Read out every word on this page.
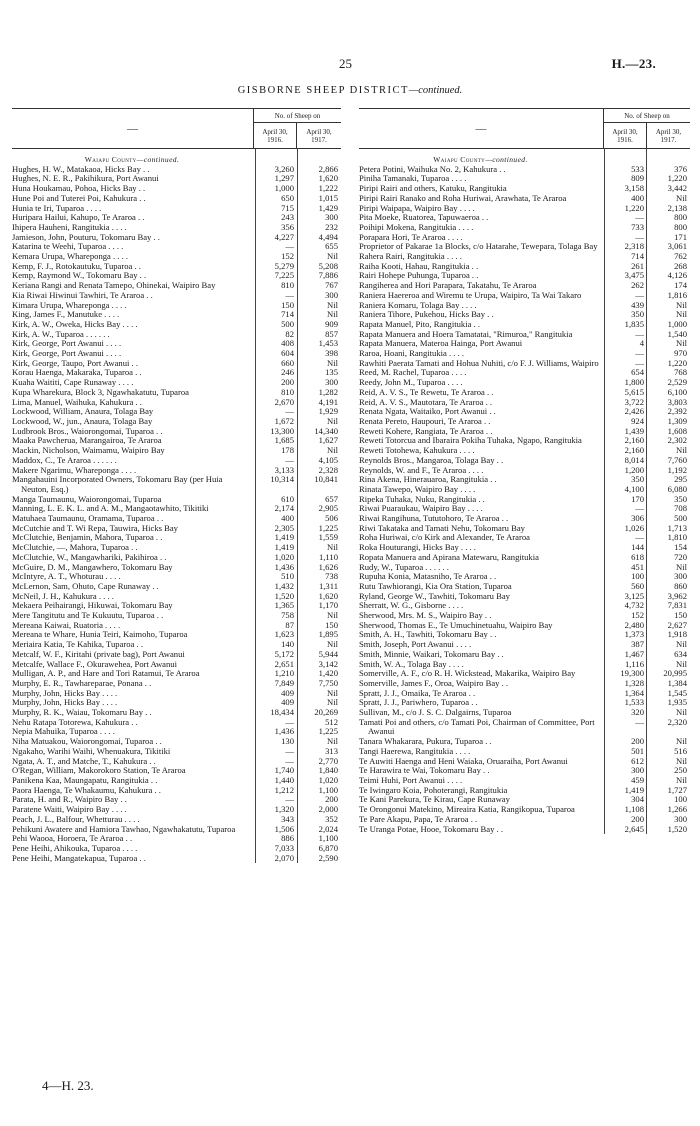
25	H.—23.
GISBORNE SHEEP DISTRICT—continued.
—
No. of Sheep on
April 30,
1916.
April 30,
1917.
Waiapu County—continued.
Hughes, H. W., Matakaoa, Hicks Bay . .	3,260	2,866
Hughes, N. E. R., Pakihikura, Port Awanui	1,297	1,620
Huna Houkamau, Pohoa, Hicks Bay . .	1,000	1,222
Hune Poi and Tuterei Poi, Kahukura . .	650	1,015
Hunia te Iri, Tuparoa . . . .	715	1,429
Huripara Hailui, Kahupo, Te Araroa . .	243	300
Ihipera Hauheni, Rangitukia . . . .	356	232
Jamieson, John, Pouturu, Tokomaru Bay . .	4,227	4,494
Katarina te Weehi, Tuparoa . . . .	—	655
Kemara Urupa, Wharepongа . . . .	152	Nil
Kemp, F. J., Rotokautuku, Tuparoa . .	5,279	5,208
Kemp, Raymond W., Tokomaru Bay . .	7,225	7,886
Keriana Rangi and Renata Tamepo, Ohinekai, Waipiro Bay	810	767
Kia Riwai Hiwinui Tawhiri, Te Araroa . .	—	300
Kimara Urupa, Wharepongа . . . .	150	Nil
King, James F., Manutuke . . . .	714	Nil
Kirk, A. W., Oweka, Hicks Bay . . . .	500	909
Kirk, A. W., Tuparoa . . . . . .	82	857
Kirk, George, Port Awanui . . . .	408	1,453
Kirk, George, Port Awanui . . . .	604	398
Kirk, George, Taupo, Port Awanui . .	660	Nil
Korau Haenga, Makaraka, Tuparoa . .	246	135
Kuaha Waititi, Cape Runaway . . . .	200	300
Kupa Wharekura, Block 3, Ngawhakatutu, Tuparoa	810	1,282
Lima, Manuel, Waihuka, Kahukura . .	2,670	4,191
Lockwood, William, Anaura, Tolaga Bay	—	1,929
Lockwood, W., jun., Anaura, Tolaga Bay	1,672	Nil
Ludbrook Bros., Waiorongomai, Tuparoa . .	13,300	14,340
Maaka Pawcherua, Marangairoa, Te Araroa	1,685	1,627
Mackin, Nicholson, Waimamu, Waipiro Bay	178	Nil
Maddox, C., Te Araroa . . . . . .	—	4,105
Makere Ngarimu, Wharepongа . . . .	3,133	2,328
Mangahauini Incorporated Owners, Tokomaru Bay (per Huia Neuton, Esq.)
10,314	10,841
Manga Taumaunu, Waiorongomai, Tuparoa	610	657
Manning, L. E. K. L. and A. M., Mangaotawhito, Tikitiki	2,174	2,905
Matuhaea Taumaunu, Oramama, Tuparoa . .	400	506
McCutchie and T. Wi Repa, Tauwira, Hicks Bay	2,305	1,225
McClutchie, Benjamin, Mahora, Tuparoa . .	1,419	1,559
McClutchie, —, Mahora, Tuparoa . .	1,419	Nil
McClutchie, W., Mangawhariki, Pakihiroa . .	1,020	1,110
McGuire, D. M., Mangawhero, Tokomaru Bay	1,436	1,626
McIntyre, A. T., Whoturau . . . .	510	738
McLernon, Sam, Ohuto, Cape Runaway . .	1,432	1,311
McNeil, J. H., Kahukura . . . .	1,520	1,620
Mekaera Peihairangi, Hikuwai, Tokomaru Bay	1,365	1,170
Mere Tangitutu and Te Kukuutu, Tuparoa . .	758	Nil
Mereana Kaiwai, Ruatoria . . . .	87	150
Mereana te Whare, Hunia Teiri, Kaimoho, Tuparoa	1,623	1,895
Meriaira Katia, Te Kahika, Tuparoa . .	140	Nil
Metcalf, W. F., Kiritahi (private bag), Port Awanui	5,172	5,944
Metcalfe, Wallace F., Okurawehea, Port Awanui	2,651	3,142
Mulligan, A. P., and Hare and Tori Ratamui, Te Araroa	1,210	1,420
Murphy, E. R., Tawhareparae, Ponana . .	7,849	7,750
Murphy, John, Hicks Bay . . . .	409	Nil
Murphy, John, Hicks Bay . . . .	409	Nil
Murphy, R. K., Waiau, Tokomaru Bay . .	18,434	20,269
Nehu Ratapa Totorewa, Kahukura . .	—	512
Nepia Mahuika, Tuparoa . . . .	1,436	1,225
Niha Matuakou, Waiorongomai, Tuparoa . .	130	Nil
Ngakaho, Warihi Waihi, Whenuakura, Tikitiki	—	313
Ngata, A. T., and Matche, T., Kahukura . .	—	2,770
O'Regan, William, Makorokoro Station, Te Araroa	1,740	1,840
Panikena Kaa, Maungapatu, Rangitukia . .	1,440	1,020
Paora Haenga, Te Whakaumu, Kahukura . .	1,212	1,100
Parata, H. and R., Waipiro Bay . .	—	200
Paratene Waiti, Waipiro Bay . . . .	1,320	2,000
Peach, J. L., Balfour, Whetturau . . . .	343	352
Pehikuni Awatere and Hamiora Tawhao, Ngawhakatutu, Tuparoa	1,506	2,024
Pehi Waooa, Horoera, Te Araroa . .	886	1,100
Pene Heihi, Ahikouka, Tuparoa . . . .	7,033	6,870
Pene Heihi, Mangatekapua, Tuparoa . .	2,070	2,590
—
No. of Sheep on
April 30,
1916.
April 30,
1917.
Waiapu County—continued.
Petera Potini, Waihuka No. 2, Kahukura . .	533	376
Piniha Tamanaki, Tuparoa . . . .	809	1,220
Piripi Rairi and others, Katuku, Rangitukia	3,158	3,442
Piripi Rairi Ranako and Roha Huriwai, Arawhata, Te Araroa	400	Nil
Piripi Waipapa, Waipiro Bay . . . .	1,220	2,138
Pita Moeke, Ruatorea, Tapuwaeroa . .	—	800
Poihipi Mokena, Rangitukia . . . .	733	800
Porapara Hori, Te Araroa . . . .	—	171
Proprietor of Pakarae 1a Blocks, c/o Hatarahe, Tewepara, Tolaga Bay	2,318	3,061
Rahera Rairi, Rangitukia . . . .	714	762
Raiha Kooti, Hahau, Rangitukia . .	261	268
Rairi Hohepe Puhunga, Tuparoa . .	3,475	4,126
Rangiherea and Hori Parapara, Takatahu, Te Araroa	262	174
Raniera Haereroa and Wiremu te Urupa, Waipiro, Ta Wai Takaro	—	1,816
Raniera Komaru, Tolaga Bay . . . .	439	Nil
Raniera Tihore, Pukehou, Hicks Bay . .	350	Nil
Rapata Manuel, Pito, Rangitukia . .	1,835	1,000
Rapata Manuera and Hoera Tamatatai, "Rimuroa," Rangitukia	—	1,540
Rapata Manuera, Materoa Hainga, Port Awanui	4	Nil
Raroa, Hoani, Rangitukia . . . .	—	970
Rawhiti Paerata Tamati and Hohua Nuhiti, c/o F. J. Williams, Waipiro	—	1,220
Reed, M. Rachel, Tuparoa . . . .	654	768
Reedy, John M., Tuparoa . . . .	1,800	2,529
Reid, A. V. S., Te Rewetu, Te Araroa . .	5,615	6,100
Reid, A. V. S., Mautotara, Te Araroa . .	3,722	3,803
Renata Ngata, Waitaiko, Port Awanui . .	2,426	2,392
Renata Pereto, Haupouri, Te Araroa . .	924	1,309
Reweti Kohere, Rangiata, Te Araroa . .	1,439	1,608
Reweti Totorcua and Ibaraira Pokiha Tuhaka, Ngapo, Rangitukia	2,160	2,302
Reweti Totohewa, Kahukura . . . .	2,160	Nil
Reynolds Bros., Mangaroa, Tolaga Bay . .	8,014	7,760
Reynolds, W. and F., Te Araroa . . . .	1,200	1,192
Rina Akena, Hinerauaroa, Rangitukia . .	350	295
Rinata Tawepo, Waipiro Bay . . . .	4,100	6,080
Ripeka Tuhaka, Nuku, Rangitukia . .	170	350
Riwai Puaraukau, Waipiro Bay . . . .	—	708
Riwai Rangihuna, Tututohoro, Te Araroa . .	306	500
Riwi Takataka and Tamati Nehu, Tokomaru Bay	1,026	1,713
Roha Huriwai, c/o Kirk and Alexander, Te Araroa	—	1,810
Roka Houturangi, Hicks Bay . . . .	144	154
Ropata Manuera and Apirana Matewaru, Rangitukia	618	720
Rudy, W., Tuparoa . . . . . .	451	Nil
Rupuha Konia, Matasniho, Te Araroa . .	100	300
Rutu Tawhiorangi, Kia Ora Station, Tuparoa	560	860
Ryland, George W., Tawhiti, Tokomaru Bay	3,125	3,962
Sherratt, W. G., Gisborne . . . .	4,732	7,831
Sherwood, Mrs. M. S., Waipiro Bay . .	152	150
Sherwood, Thomas E., Te Umuchinetuahu, Waipiro Bay	2,480	2,627
Smith, A. H., Tawhiti, Tokomaru Bay . .	1,373	1,918
Smith, Joseph, Port Awanui . . . .	387	Nil
Smith, Minnie, Waikari, Tokomaru Bay . .	1,467	634
Smith, W. A., Tolaga Bay . . . .	1,116	Nil
Somerville, A. F., c/o R. H. Wickstead, Makarika, Waipiro Bay	19,300	20,995
Somerville, James F., Oroa, Waipiro Bay . .	1,328	1,384
Spratt, J. J., Omaika, Te Araroa . .	1,364	1,545
Spratt, J. J., Pariwhero, Tuparoa . .	1,533	1,935
Sullivan, M., c/o J. S. C. Dalgairns, Tuparoa	320	Nil
Tamati Poi and others, c/o Tamati Poi, Chairman of Committee, Port Awanui
—	2,320
Tanara Whakarara, Pukura, Tuparoa . .	200	Nil
Tangi Haerewa, Rangitukia . . . .	501	516
Te Auwiti Haenga and Heni Waiaka, Oruaraiha, Port Awanui	612	Nil
Te Harawira te Wai, Tokomaru Bay . .	300	250
Teimi Huhi, Port Awanui . . . .	459	Nil
Te Iwingaro Koia, Pohoterangi, Rangitukia	1,419	1,727
Te Kani Parekura, Te Kirau, Cape Runaway	304	100
Te Orongonui Matekino, Mireaira Katia, Rangikopua, Tuparoa	1,108	1,266
Te Pare Akapu, Papa, Te Araroa . .	200	300
Te Uranga Potae, Hooe, Tokomaru Bay . .	2,645	1,520
4—H. 23.
